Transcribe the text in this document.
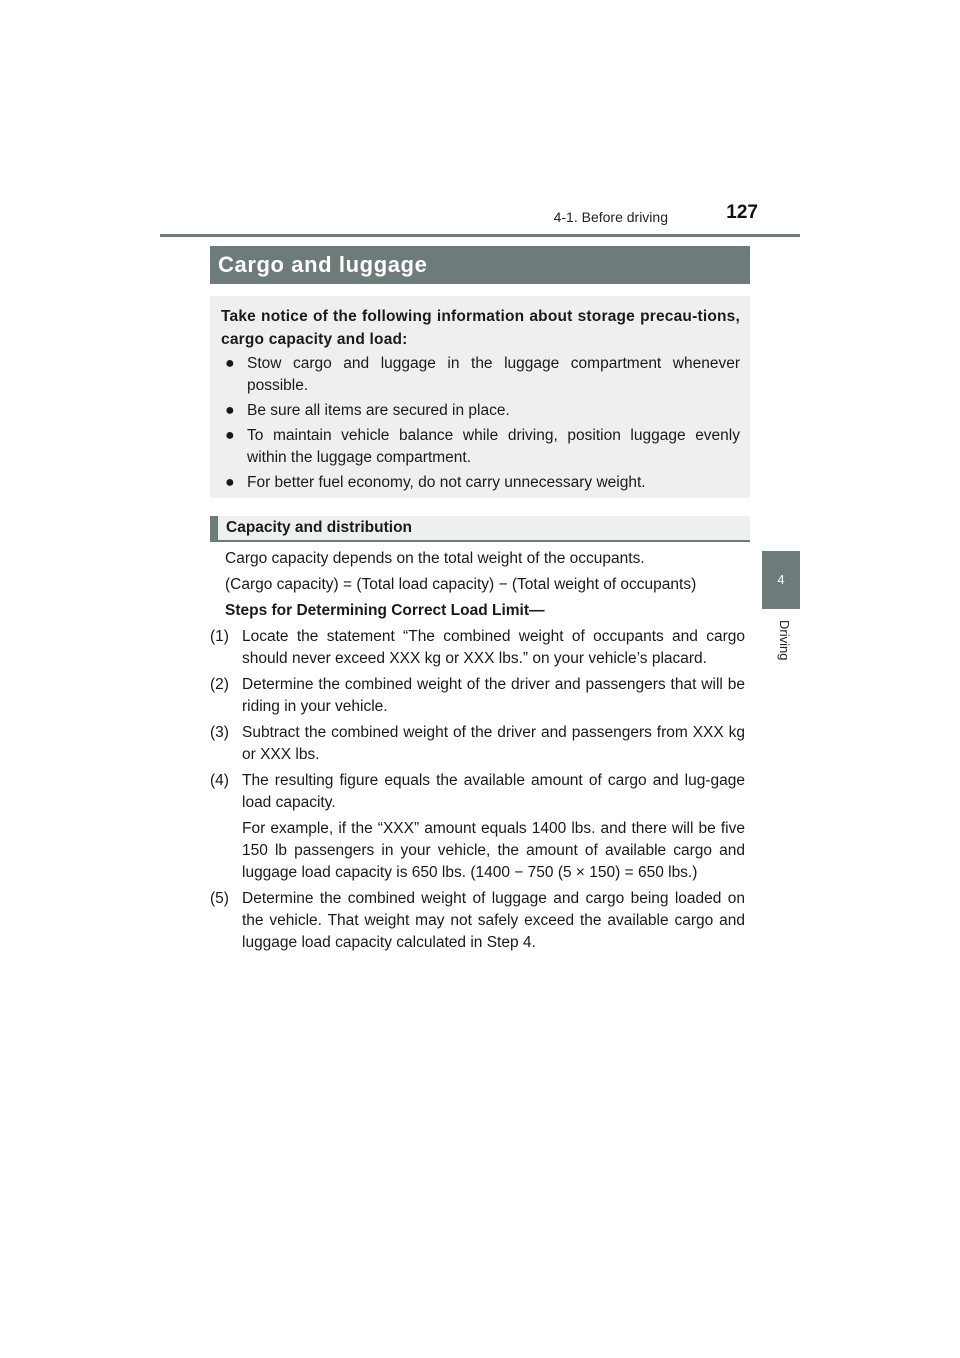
4-1. Before driving	127
4
Driving
Cargo and luggage

Take notice of the following information about storage precau-tions, cargo capacity and load:

● Stow cargo and luggage in the luggage compartment whenever possible.
● Be sure all items are secured in place.
● To maintain vehicle balance while driving, position luggage evenly within the luggage compartment.
● For better fuel economy, do not carry unnecessary weight.
Capacity and distribution

Cargo capacity depends on the total weight of the occupants.

(Cargo capacity) = (Total load capacity) − (Total weight of occupants)

Steps for Determining Correct Load Limit—

(1) Locate the statement “The combined weight of occupants and cargo should never exceed XXX kg or XXX lbs.” on your vehicle’s placard.
(2) Determine the combined weight of the driver and passengers that will be riding in your vehicle.
(3) Subtract the combined weight of the driver and passengers from XXX kg or XXX lbs.
(4) The resulting figure equals the available amount of cargo and lug-gage load capacity.

For example, if the “XXX” amount equals 1400 lbs. and there will be five 150 lb passengers in your vehicle, the amount of available cargo and luggage load capacity is 650 lbs. (1400 − 750 (5 × 150) = 650 lbs.)

(5) Determine the combined weight of luggage and cargo being loaded on the vehicle. That weight may not safely exceed the available cargo and luggage load capacity calculated in Step 4.
